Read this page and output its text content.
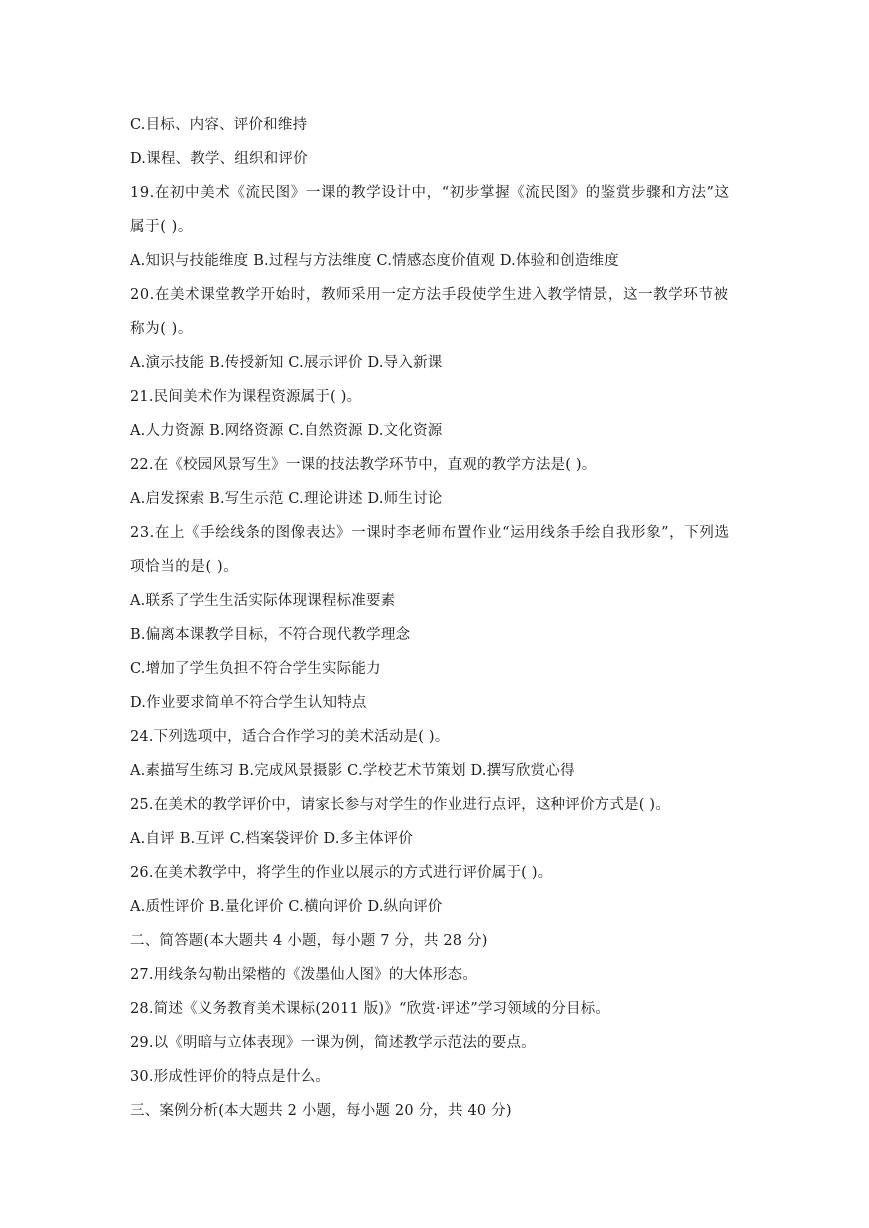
C.目标、内容、评价和维持
D.课程、教学、组织和评价
19.在初中美术《流民图》一课的教学设计中，“初步掌握《流民图》的鉴赏步骤和方法”这属于( )。
A.知识与技能维度 B.过程与方法维度 C.情感态度价值观 D.体验和创造维度
20.在美术课堂教学开始时，教师采用一定方法手段使学生进入教学情景，这一教学环节被称为( )。
A.演示技能 B.传授新知 C.展示评价 D.导入新课
21.民间美术作为课程资源属于( )。
A.人力资源 B.网络资源 C.自然资源 D.文化资源
22.在《校园风景写生》一课的技法教学环节中，直观的教学方法是( )。
A.启发探索 B.写生示范 C.理论讲述 D.师生讨论
23.在上《手绘线条的图像表达》一课时李老师布置作业“运用线条手绘自我形象”，下列选项恰当的是( )。
A.联系了学生生活实际体现课程标准要素
B.偏离本课教学目标，不符合现代教学理念
C.增加了学生负担不符合学生实际能力
D.作业要求简单不符合学生认知特点
24.下列选项中，适合合作学习的美术活动是( )。
A.素描写生练习 B.完成风景摄影 C.学校艺术节策划 D.撰写欣赏心得
25.在美术的教学评价中，请家长参与对学生的作业进行点评，这种评价方式是( )。
A.自评 B.互评 C.档案袋评价 D.多主体评价
26.在美术教学中，将学生的作业以展示的方式进行评价属于( )。
A.质性评价 B.量化评价 C.横向评价 D.纵向评价
二、简答题(本大题共 4 小题，每小题 7 分，共 28 分)
27.用线条勾勒出梁楷的《泼墨仙人图》的大体形态。
28.简述《义务教育美术课标(2011 版)》“欣赏·评述”学习领域的分目标。
29.以《明暗与立体表现》一课为例，简述教学示范法的要点。
30.形成性评价的特点是什么。
三、案例分析(本大题共 2 小题，每小题 20 分，共 40 分)
